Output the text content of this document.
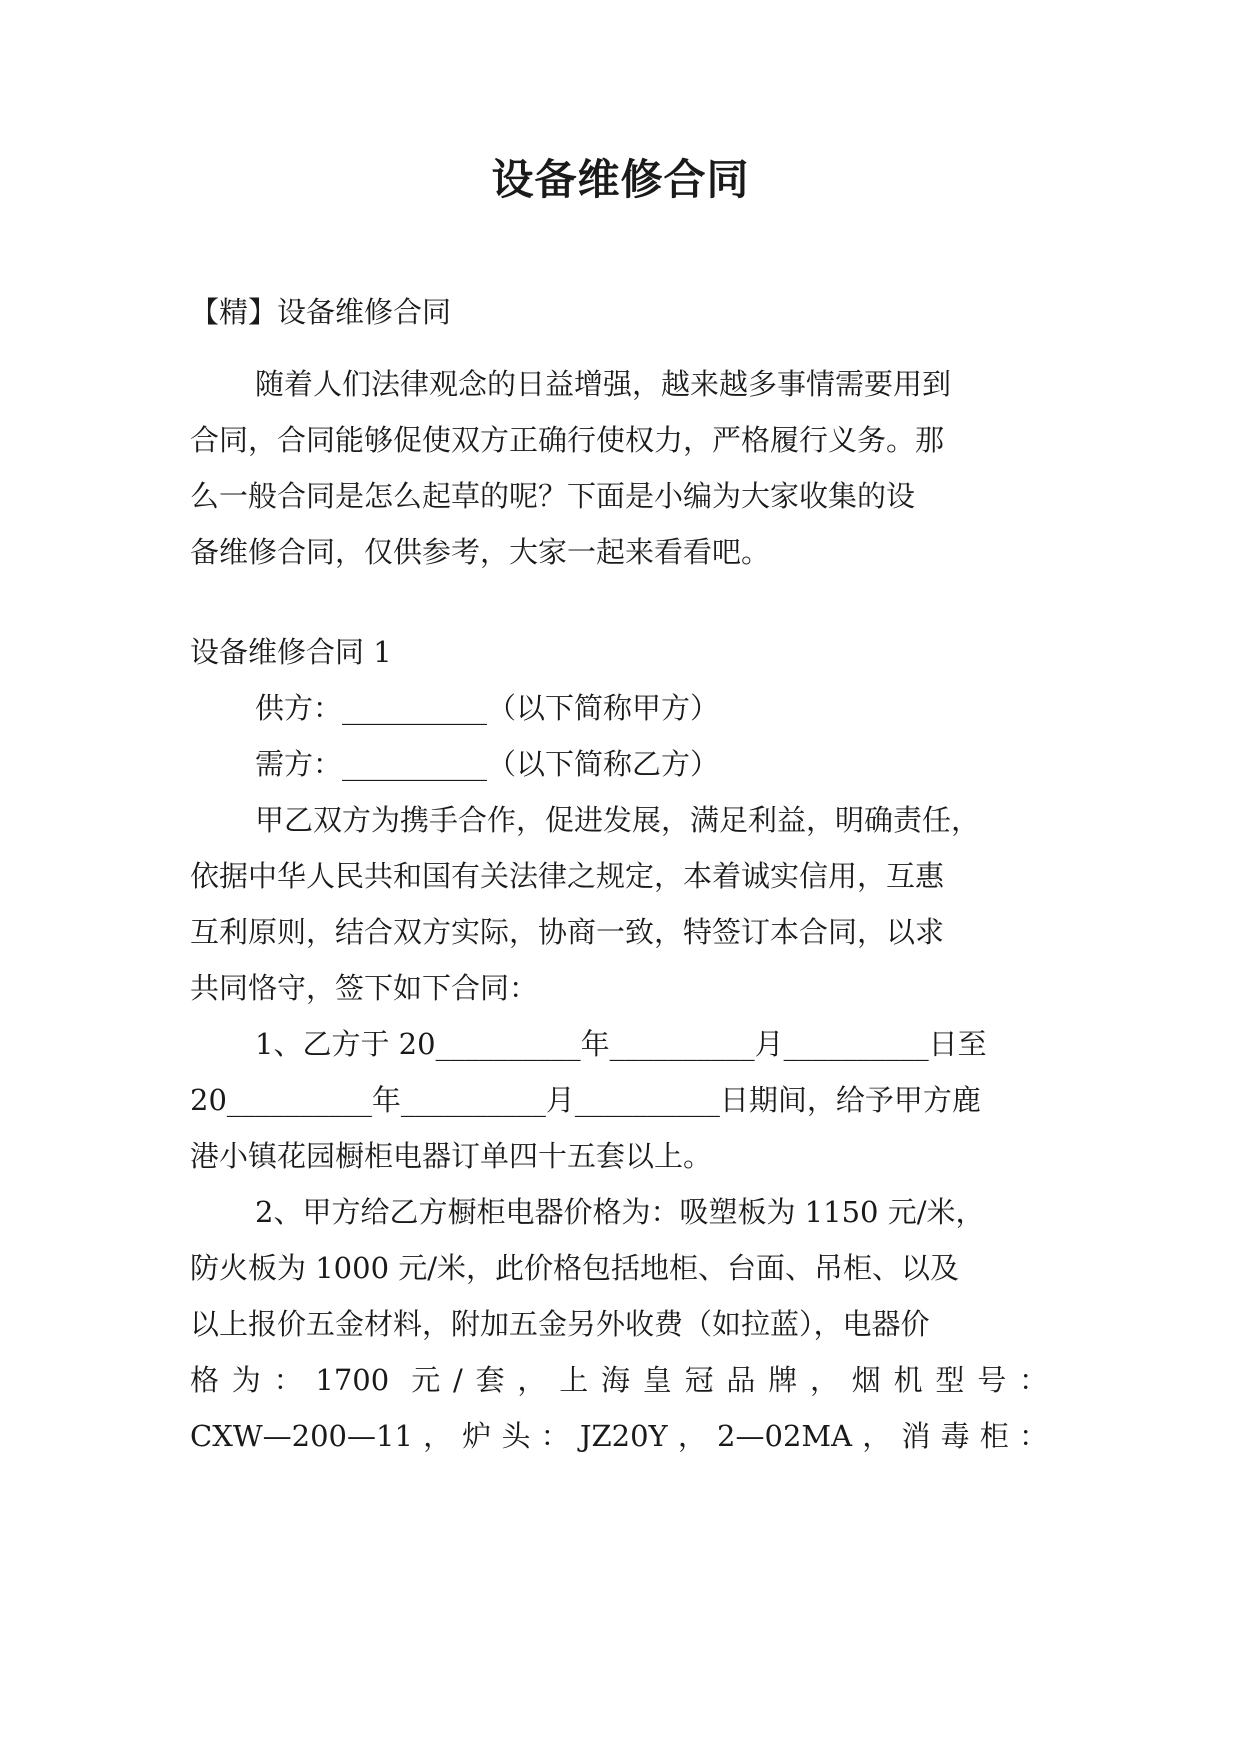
设备维修合同
【精】设备维修合同
随着人们法律观念的日益增强，越来越多事情需要用到
合同，合同能够促使双方正确行使权力，严格履行义务。那
么一般合同是怎么起草的呢？下面是小编为大家收集的设
备维修合同，仅供参考，大家一起来看看吧。
设备维修合同 1
供方：__________（以下简称甲方）
需方：__________（以下简称乙方）
甲乙双方为携手合作，促进发展，满足利益，明确责任，
依据中华人民共和国有关法律之规定，本着诚实信用，互惠
互利原则，结合双方实际，协商一致，特签订本合同，以求
共同恪守，签下如下合同：
1、乙方于 20__________年__________月__________日至
20__________年__________月__________日期间，给予甲方鹿
港小镇花园橱柜电器订单四十五套以上。
2、甲方给乙方橱柜电器价格为：吸塑板为 1150 元/米，
防火板为 1000 元/米，此价格包括地柜、台面、吊柜、以及
以上报价五金材料，附加五金另外收费（如拉蓝），电器价
格为：1700 元/套，上海皇冠品牌，烟机型号：
CXW—200—11，炉头：JZ20Y，2—02MA，消毒柜：
